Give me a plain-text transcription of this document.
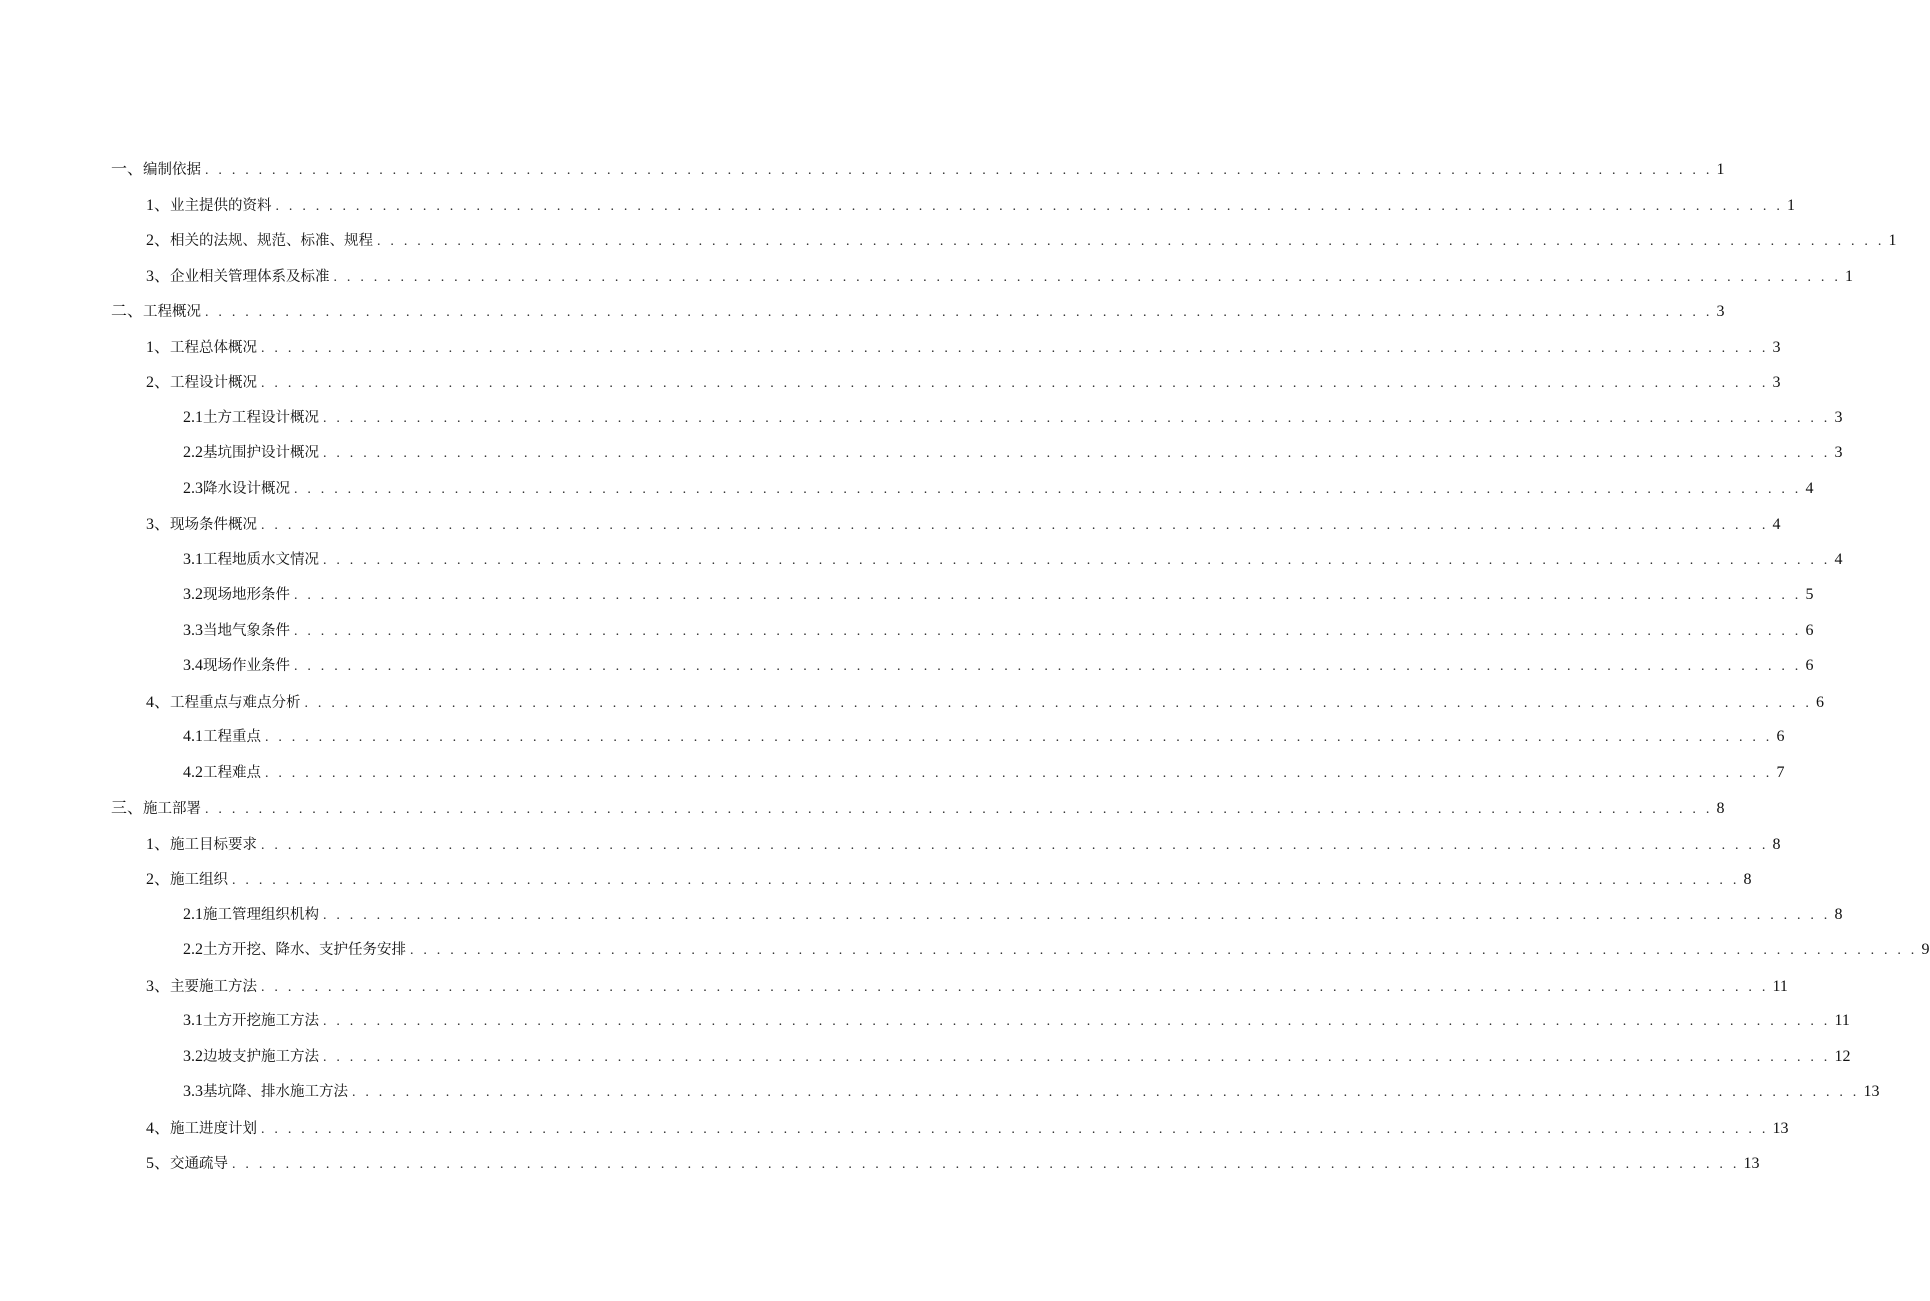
一、 编制依据 . . .	1
1、 业主提供的资料 . . .	1
2、 相关的法规、规范、标准、规程 . . .	1
3、 企业相关管理体系及标准 . . .	1
二、 工程概况 . . .	3
1、 工程总体概况 . . .	3
2、 工程设计概况 . . .	3
2.1 土方工程设计概况 . . .	3
2.2 基坑围护设计概况 . . .	3
2.3 降水设计概况 . . .	4
3、 现场条件概况 . . .	4
3.1 工程地质水文情况 . . .	4
3.2 现场地形条件 . . .	5
3.3 当地气象条件 . . .	6
3.4 现场作业条件 . . .	6
4、 工程重点与难点分析 . . .	6
4.1 工程重点 . . .	6
4.2 工程难点 . . .	7
三、 施工部署 . . .	8
1、 施工目标要求 . . .	8
2、 施工组织 . . .	8
2.1 施工管理组织机构 . . .	8
2.2 土方开挖、降水、支护任务安排 . . .	9
3、 主要施工方法 . . .	11
3.1 土方开挖施工方法 . . .	11
3.2 边坡支护施工方法 . . .	12
3.3 基坑降、排水施工方法 . . .	13
4、 施工进度计划 . . .	13
5、 交通疏导 . . .	13
